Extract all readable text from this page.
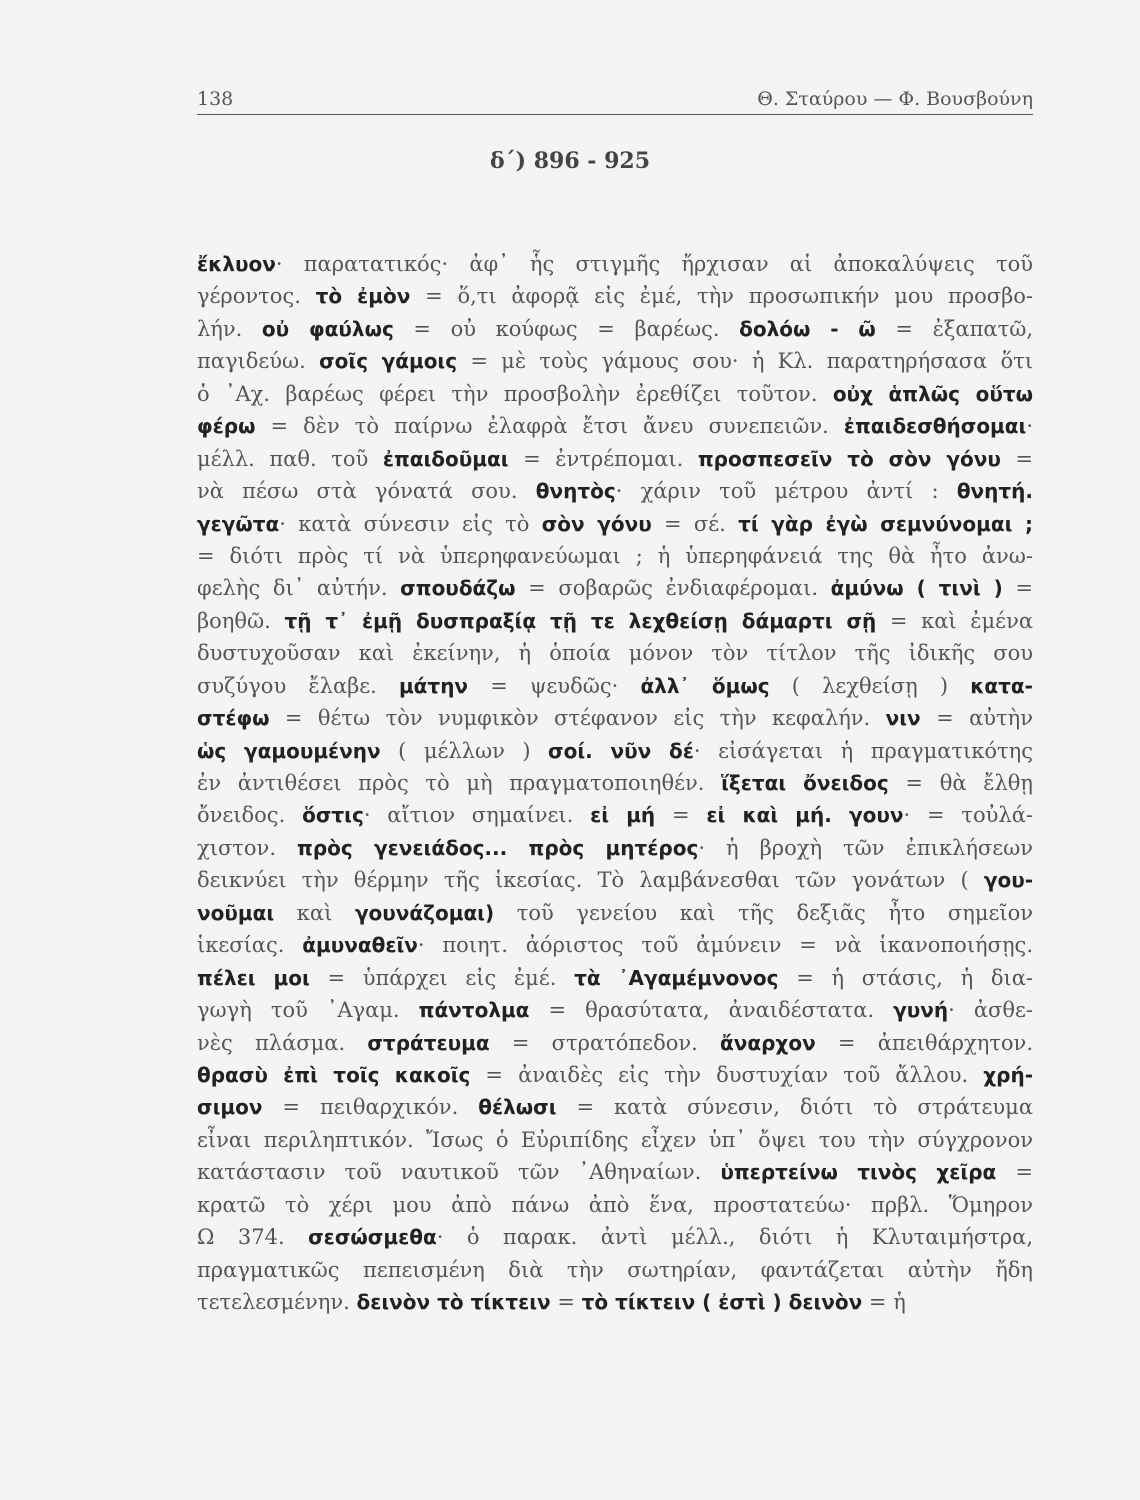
138	Θ. Σταύρου — Φ. Βουσβούνη
δ΄) 896 - 925
ἔκλυον· παρατατικός· ἀφ᾽ ἧς στιγμῆς ἤρχισαν αἱ ἀποκαλύψεις τοῦ
γέροντος. τὸ ἐμὸν = ὅ,τι ἀφορᾷ εἰς ἐμέ, τὴν προσωπικήν μου προσβο-
λήν. οὐ φαύλως = οὐ κούφως = βαρέως. δολόω - ῶ = ἐξαπατῶ,
παγιδεύω. σοῖς γάμοις = μὲ τοὺς γάμους σου· ἡ Κλ. παρατηρήσασα ὅτι
ὁ ᾿Αχ. βαρέως φέρει τὴν προσβολὴν ἐρεθίζει τοῦτον. οὐχ ἁπλῶς οὕτω
φέρω = δὲν τὸ παίρνω ἐλαφρὰ ἔτσι ἄνευ συνεπειῶν. ἐπαιδεσθήσομαι·
μέλλ. παθ. τοῦ ἐπαιδοῦμαι = ἐντρέπομαι. προσπεσεῖν τὸ σὸν γόνυ =
νὰ πέσω στὰ γόνατά σου. θνητὸς· χάριν τοῦ μέτρου ἀντί : θνητή.
γεγῶτα· κατὰ σύνεσιν εἰς τὸ σὸν γόνυ = σέ. τί γὰρ ἐγὼ σεμνύνομαι ;
= διότι πρὸς τί νὰ ὑπερηφανεύωμαι ; ἡ ὑπερηφάνειά της θὰ ἦτο ἀνω-
φελὴς δι᾽ αὐτήν. σπουδάζω = σοβαρῶς ἐνδιαφέρομαι. ἀμύνω ( τινὶ ) =
βοηθῶ. τῇ τ᾽ ἐμῇ δυσπραξίᾳ τῇ τε λεχθείσῃ δάμαρτι σῇ = καὶ ἐμένα
δυστυχοῦσαν καὶ ἐκείνην, ἡ ὁποία μόνον τὸν τίτλον τῆς ἰδικῆς σου
συζύγου ἔλαβε. μάτην = ψευδῶς· ἀλλ᾽ ὅμως ( λεχθείσῃ ) κατα-
στέφω = θέτω τὸν νυμφικὸν στέφανον εἰς τὴν κεφαλήν. νιν = αὐτὴν
ὡς γαμουμένην ( μέλλων ) σοί. νῦν δέ· εἰσάγεται ἡ πραγματικότης
ἐν ἀντιθέσει πρὸς τὸ μὴ πραγματοποιηθέν. ἵξεται ὄνειδος = θὰ ἔλθῃ
ὄνειδος. ὅστις· αἴτιον σημαίνει. εἰ μή = εἰ καὶ μή. γουν· = τοὐλά-
χιστον. πρὸς γενειάδος... πρὸς μητέρος· ἡ βροχὴ τῶν ἐπικλήσεων
δεικνύει τὴν θέρμην τῆς ἱκεσίας. Τὸ λαμβάνεσθαι τῶν γονάτων ( γου-
νοῦμαι καὶ γουνάζομαι) τοῦ γενείου καὶ τῆς δεξιᾶς ἦτο σημεῖον
ἱκεσίας. ἀμυναθεῖν· ποιητ. ἀόριστος τοῦ ἀμύνειν = νὰ ἱκανοποιήσῃς.
πέλει μοι = ὑπάρχει εἰς ἐμέ. τὰ ᾿Αγαμέμνονος = ἡ στάσις, ἡ δια-
γωγὴ τοῦ ᾿Αγαμ. πάντολμα = θρασύτατα, ἀναιδέστατα. γυνή· ἀσθε-
νὲς πλάσμα. στράτευμα = στρατόπεδον. ἄναρχον = ἀπειθάρχητον.
θρασὺ ἐπὶ τοῖς κακοῖς = ἀναιδὲς εἰς τὴν δυστυχίαν τοῦ ἄλλου. χρή-
σιμον = πειθαρχικόν. θέλωσι = κατὰ σύνεσιν, διότι τὸ στράτευμα
εἶναι περιληπτικόν. Ἴσως ὁ Εὐριπίδης εἶχεν ὑπ᾽ ὄψει του τὴν σύγχρονον
κατάστασιν τοῦ ναυτικοῦ τῶν ᾿Αθηναίων. ὑπερτείνω τινὸς χεῖρα =
κρατῶ τὸ χέρι μου ἀπὸ πάνω ἀπὸ ἕνα, προστατεύω· πρβλ. Ὅμηρον
Ω 374. σεσώσμεθα· ὁ παρακ. ἀντὶ μέλλ., διότι ἡ Κλυταιμήστρα,
πραγματικῶς πεπεισμένη διὰ τὴν σωτηρίαν, φαντάζεται αὐτὴν ἤδη
τετελεσμένην. δεινὸν τὸ τίκτειν = τὸ τίκτειν ( ἐστὶ ) δεινὸν = ἡ
